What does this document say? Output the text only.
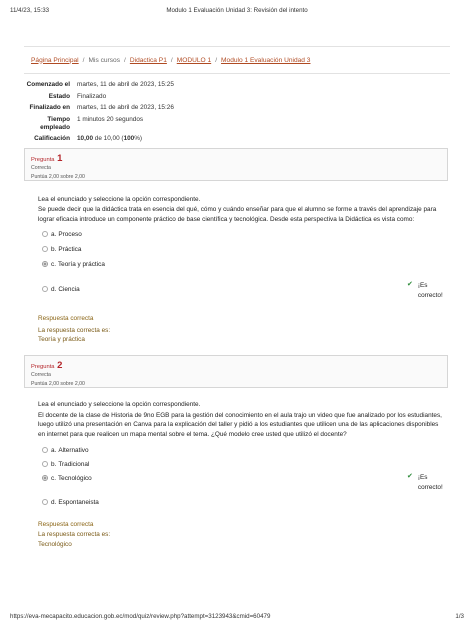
11/4/23, 15:33	Modulo 1 Evaluación Unidad 3: Revisión del intento
Página Principal / Mis cursos / Didactica P1 / MODULO 1 / Modulo 1 Evaluación Unidad 3
Comenzado el	martes, 11 de abril de 2023, 15:25
Estado	Finalizado
Finalizado en	martes, 11 de abril de 2023, 15:26
Tiempo
empleado
1 minutos 20 segundos
Calificación	10,00 de 10,00 (100%)
Pregunta 1
Correcta
Puntúa 2,00 sobre 2,00

Lea el enunciado y seleccione la opción correspondiente.

Se puede decir que la didáctica trata en esencia del qué, cómo y cuándo enseñar para que el alumno se forme a través del aprendizaje para lograr eficacia introduce un componente práctico de base científica y tecnológica. Desde esta perspectiva la Didáctica es vista como:

a. Proceso
b. Práctica
c. Teoría y práctica
✔ ¡Es
correcto!
d. Ciencia
Respuesta correcta
La respuesta correcta es:
Teoría y práctica
Pregunta 2
Correcta
Puntúa 2,00 sobre 2,00

Lea el enunciado y seleccione la opción correspondiente.

El docente de la clase de Historia de 9no EGB para la gestión del conocimiento en el aula trajo un video que fue analizado por los estudiantes, luego utilizó una presentación en Canva para la explicación del taller y pidió a los estudiantes que utilicen una de las aplicaciones disponibles en internet para que realicen un mapa mental sobre el tema. ¿Qué modelo cree usted que utilizó el docente?

a. Alternativo
b. Tradicional
c. Tecnológico	✔ ¡Es
correcto!
d. Espontaneista
Respuesta correcta
La respuesta correcta es:
Tecnológico
https://eva-mecapacito.educacion.gob.ec/mod/quiz/review.php?attempt=3123943&cmid=60479	1/3
